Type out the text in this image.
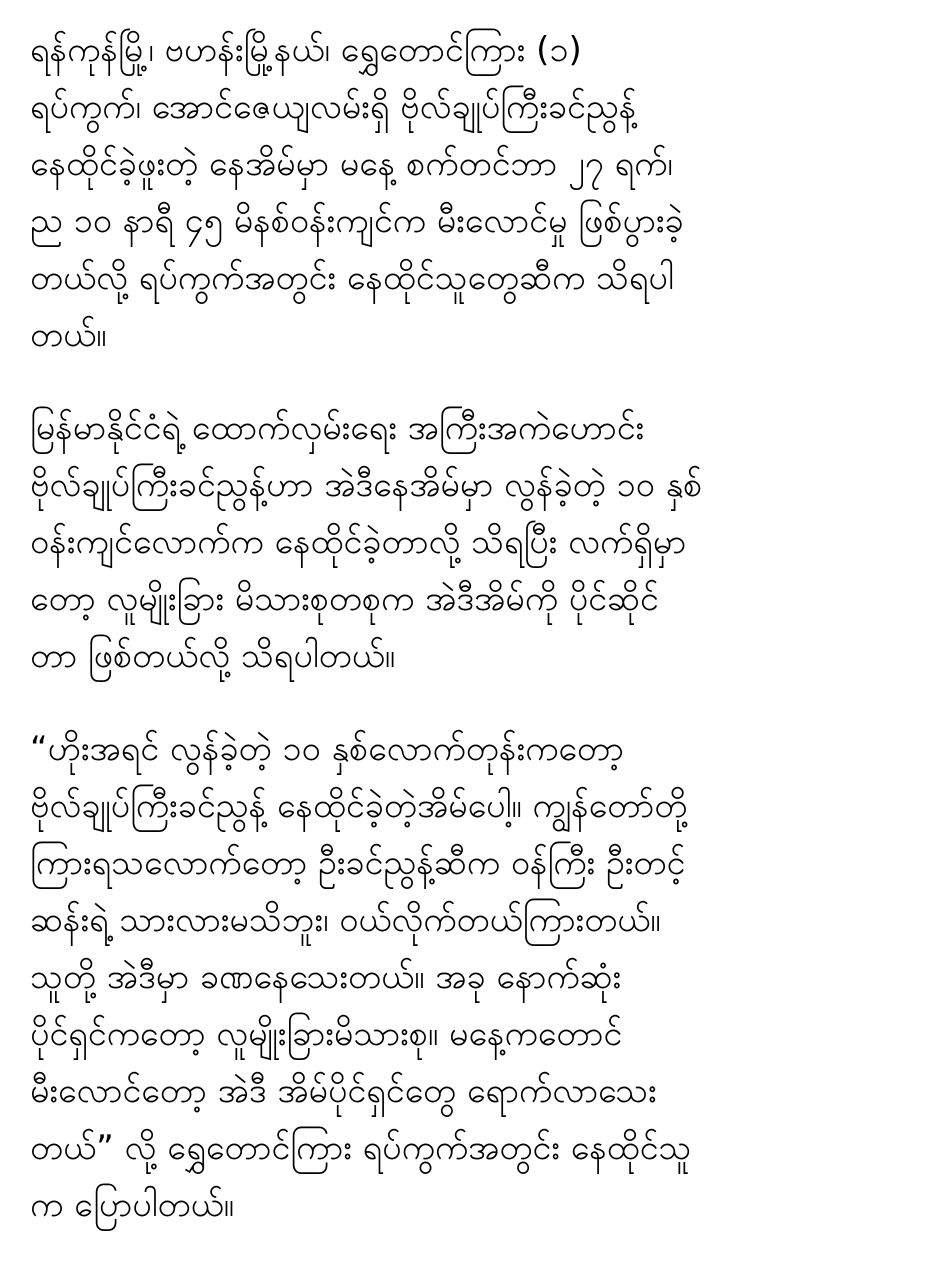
ရန်ကုန်မြို့၊ ဗဟန်းမြို့နယ်၊ ရွှေတောင်ကြား (၁)
ရပ်ကွက်၊ အောင်ဇေယျလမ်းရှိ ဗိုလ်ချုပ်ကြီးခင်ညွန့်
နေထိုင်ခဲ့ဖူးတဲ့ နေအိမ်မှာ မနေ့ စက်တင်ဘာ ၂၇ ရက်၊
ည ၁၀ နာရီ ၄၅ မိနစ်ဝန်းကျင်က မီးလောင်မှု ဖြစ်ပွားခဲ့
တယ်လို့ ရပ်ကွက်အတွင်း နေထိုင်သူတွေဆီက သိရပါ
တယ်။
မြန်မာနိုင်ငံရဲ့ ထောက်လှမ်းရေး အကြီးအကဲဟောင်း
ဗိုလ်ချုပ်ကြီးခင်ညွန့်ဟာ အဲဒီနေအိမ်မှာ လွန်ခဲ့တဲ့ ၁၀ နှစ်
ဝန်းကျင်လောက်က နေထိုင်ခဲ့တာလို့ သိရပြီး လက်ရှိမှာ
တော့ လူမျိုးခြား မိသားစုတစုက အဲဒီအိမ်ကို ပိုင်ဆိုင်
တာ ဖြစ်တယ်လို့ သိရပါတယ်။
“ဟိုးအရင် လွန်ခဲ့တဲ့ ၁၀ နှစ်လောက်တုန်းကတော့
ဗိုလ်ချုပ်ကြီးခင်ညွန့် နေထိုင်ခဲ့တဲ့အိမ်ပေါ့။ ကျွန်တော်တို့
ကြားရသလောက်တော့ ဦးခင်ညွန့်ဆီက ဝန်ကြီး ဦးတင့်
ဆန်းရဲ့ သားလားမသိဘူး၊ ဝယ်လိုက်တယ်ကြားတယ်။
သူတို့ အဲဒီမှာ ခဏနေသေးတယ်။ အခု နောက်ဆုံး
ပိုင်ရှင်ကတော့ လူမျိုးခြားမိသားစု။ မနေ့ကတောင်
မီးလောင်တော့ အဲဒီ အိမ်ပိုင်ရှင်တွေ ရောက်လာသေး
တယ်” လို့ ရွှေတောင်ကြား ရပ်ကွက်အတွင်း နေထိုင်သူ
က ပြောပါတယ်။
